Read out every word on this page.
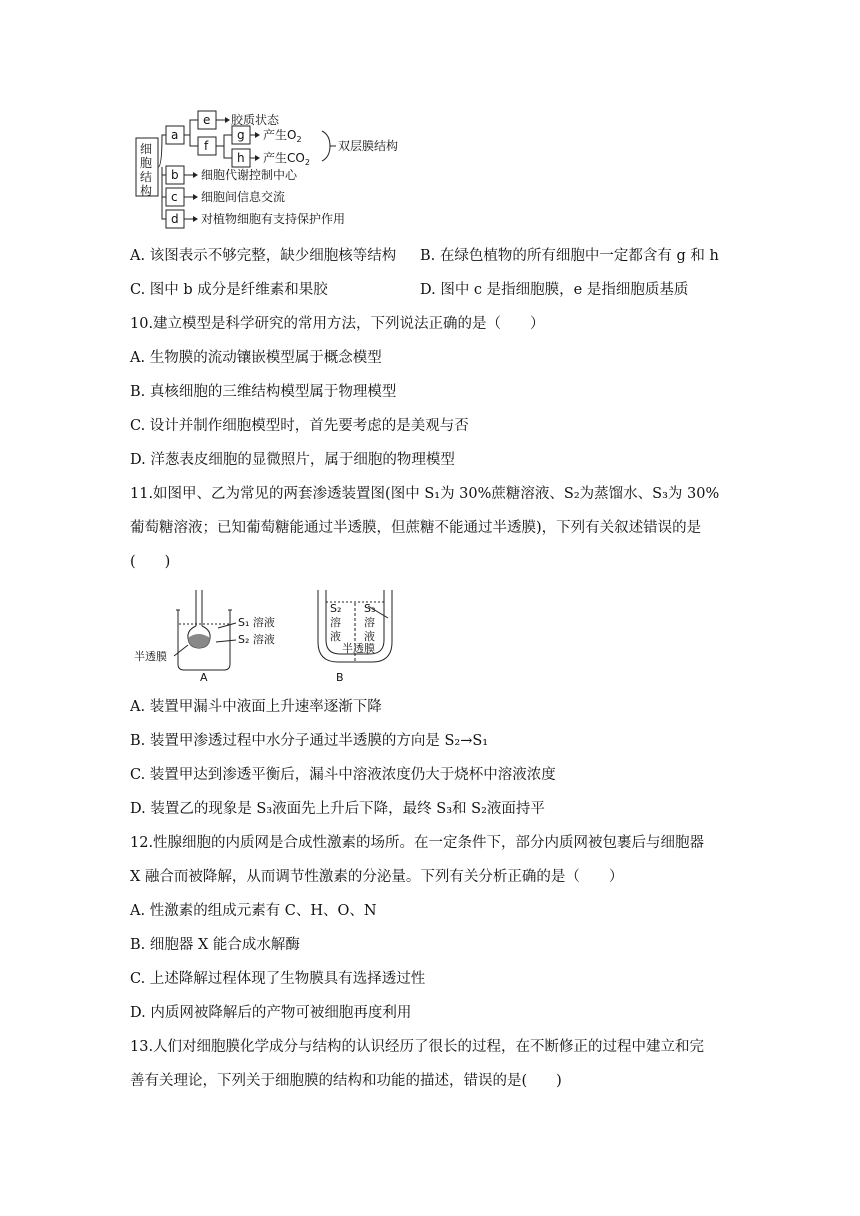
细
胞
结
构
a
b
c
d
e
f
g
h
胶质状态
产生$O_2$
产生$CO_2$
双层膜结构
细胞代谢控制中心
细胞间信息交流
对植物细胞有支持保护作用
A. 该图表示不够完整，缺少细胞核等结构 B. 在绿色植物的所有细胞中一定都含有 g 和 h
C. 图中 b 成分是纤维素和果胶	D. 图中 c 是指细胞膜，e 是指细胞质基质
10.建立模型是科学研究的常用方法，下列说法正确的是（　　）
A. 生物膜的流动镶嵌模型属于概念模型
B. 真核细胞的三维结构模型属于物理模型
C. 设计并制作细胞模型时，首先要考虑的是美观与否
D. 洋葱表皮细胞的显微照片，属于细胞的物理模型
11.如图甲、乙为常见的两套渗透装置图(图中 S₁为 30%蔗糖溶液、S₂为蒸馏水、S₃为 30%
葡萄糖溶液；已知葡萄糖能通过半透膜，但蔗糖不能通过半透膜)，下列有关叙述错误的是
(　　)
S₁ 溶液
S₂ 溶液
半透膜
A
S₂
溶
液
S₃
溶
液
半透膜
B
A. 装置甲漏斗中液面上升速率逐渐下降
B. 装置甲渗透过程中水分子通过半透膜的方向是 S₂→S₁
C. 装置甲达到渗透平衡后，漏斗中溶液浓度仍大于烧杯中溶液浓度
D. 装置乙的现象是 S₃液面先上升后下降，最终 S₃和 S₂液面持平
12.性腺细胞的内质网是合成性激素的场所。在一定条件下，部分内质网被包裹后与细胞器
X 融合而被降解，从而调节性激素的分泌量。下列有关分析正确的是（　　）
A. 性激素的组成元素有 C、H、O、N
B. 细胞器 X 能合成水解酶
C. 上述降解过程体现了生物膜具有选择透过性
D. 内质网被降解后的产物可被细胞再度利用
13.人们对细胞膜化学成分与结构的认识经历了很长的过程，在不断修正的过程中建立和完
善有关理论，下列关于细胞膜的结构和功能的描述，错误的是(　　)
